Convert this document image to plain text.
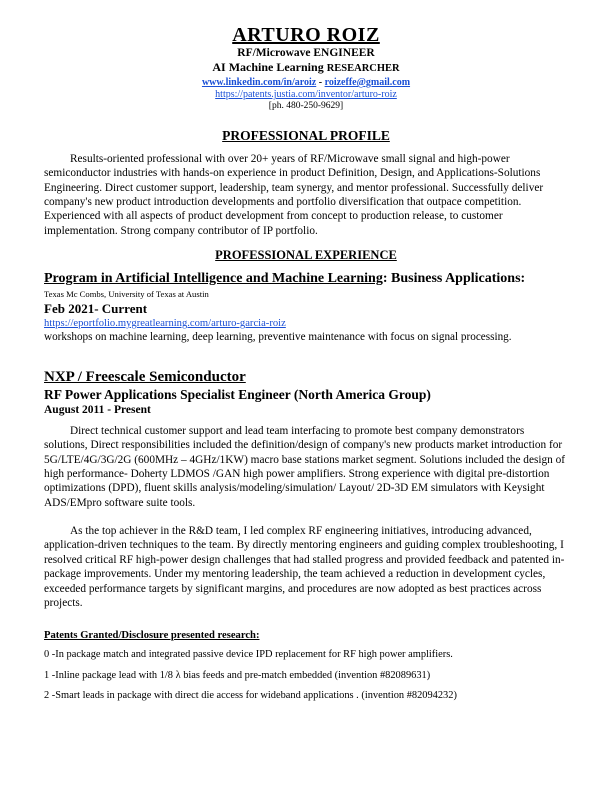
ARTURO ROIZ
RF/Microwave ENGINEER
AI Machine Learning RESEARCHER
www.linkedin.com/in/aroiz - roizeffe@gmail.com
https://patents.justia.com/inventor/arturo-roiz
[ph. 480-250-9629]
PROFESSIONAL PROFILE

Results-oriented professional with over 20+ years of RF/Microwave small signal and high-power semiconductor industries with hands-on experience in product Definition, Design, and Applications-Solutions Engineering. Direct customer support, leadership, team synergy, and mentor professional. Successfully deliver company's new product introduction developments and portfolio diversification that outpace competition. Experienced with all aspects of product development from concept to production release, to customer implementation. Strong company contributor of IP portfolio.

PROFESSIONAL EXPERIENCE
Program in Artificial Intelligence and Machine Learning: Business Applications:
Texas Mc Combs, University of Texas at Austin
Feb 2021- Current
https://eportfolio.mygreatlearning.com/arturo-garcia-roiz
workshops on machine learning, deep learning, preventive maintenance with focus on signal processing.
NXP / Freescale Semiconductor
RF Power Applications Specialist Engineer (North America Group)
August 2011 - Present

Direct technical customer support and lead team interfacing to promote best company demonstrators solutions, Direct responsibilities included the definition/design of company's new products market introduction for 5G/LTE/4G/3G/2G (600MHz – 4GHz/1KW) macro base stations market segment. Solutions included the design of high performance- Doherty LDMOS /GAN high power amplifiers. Strong experience with digital pre-distortion optimizations (DPD), fluent skills analysis/modeling/simulation/ Layout/ 2D-3D EM simulators with Keysight ADS/EMpro software suite tools.

As the top achiever in the R&D team, I led complex RF engineering initiatives, introducing advanced, application-driven techniques to the team. By directly mentoring engineers and guiding complex troubleshooting, I resolved critical RF high-power design challenges that had stalled progress and provided feedback and patented in-package improvements. Under my mentoring leadership, the team achieved a reduction in development cycles, exceeded performance targets by significant margins, and procedures are now adopted as best practices across projects.

Patents Granted/Disclosure presented research:
0 -In package match and integrated passive device IPD replacement for RF high power amplifiers.
1 -Inline package lead with 1/8 λ bias feeds and pre-match embedded (invention #82089631)
2 -Smart leads in package with direct die access for wideband applications . (invention #82094232)
